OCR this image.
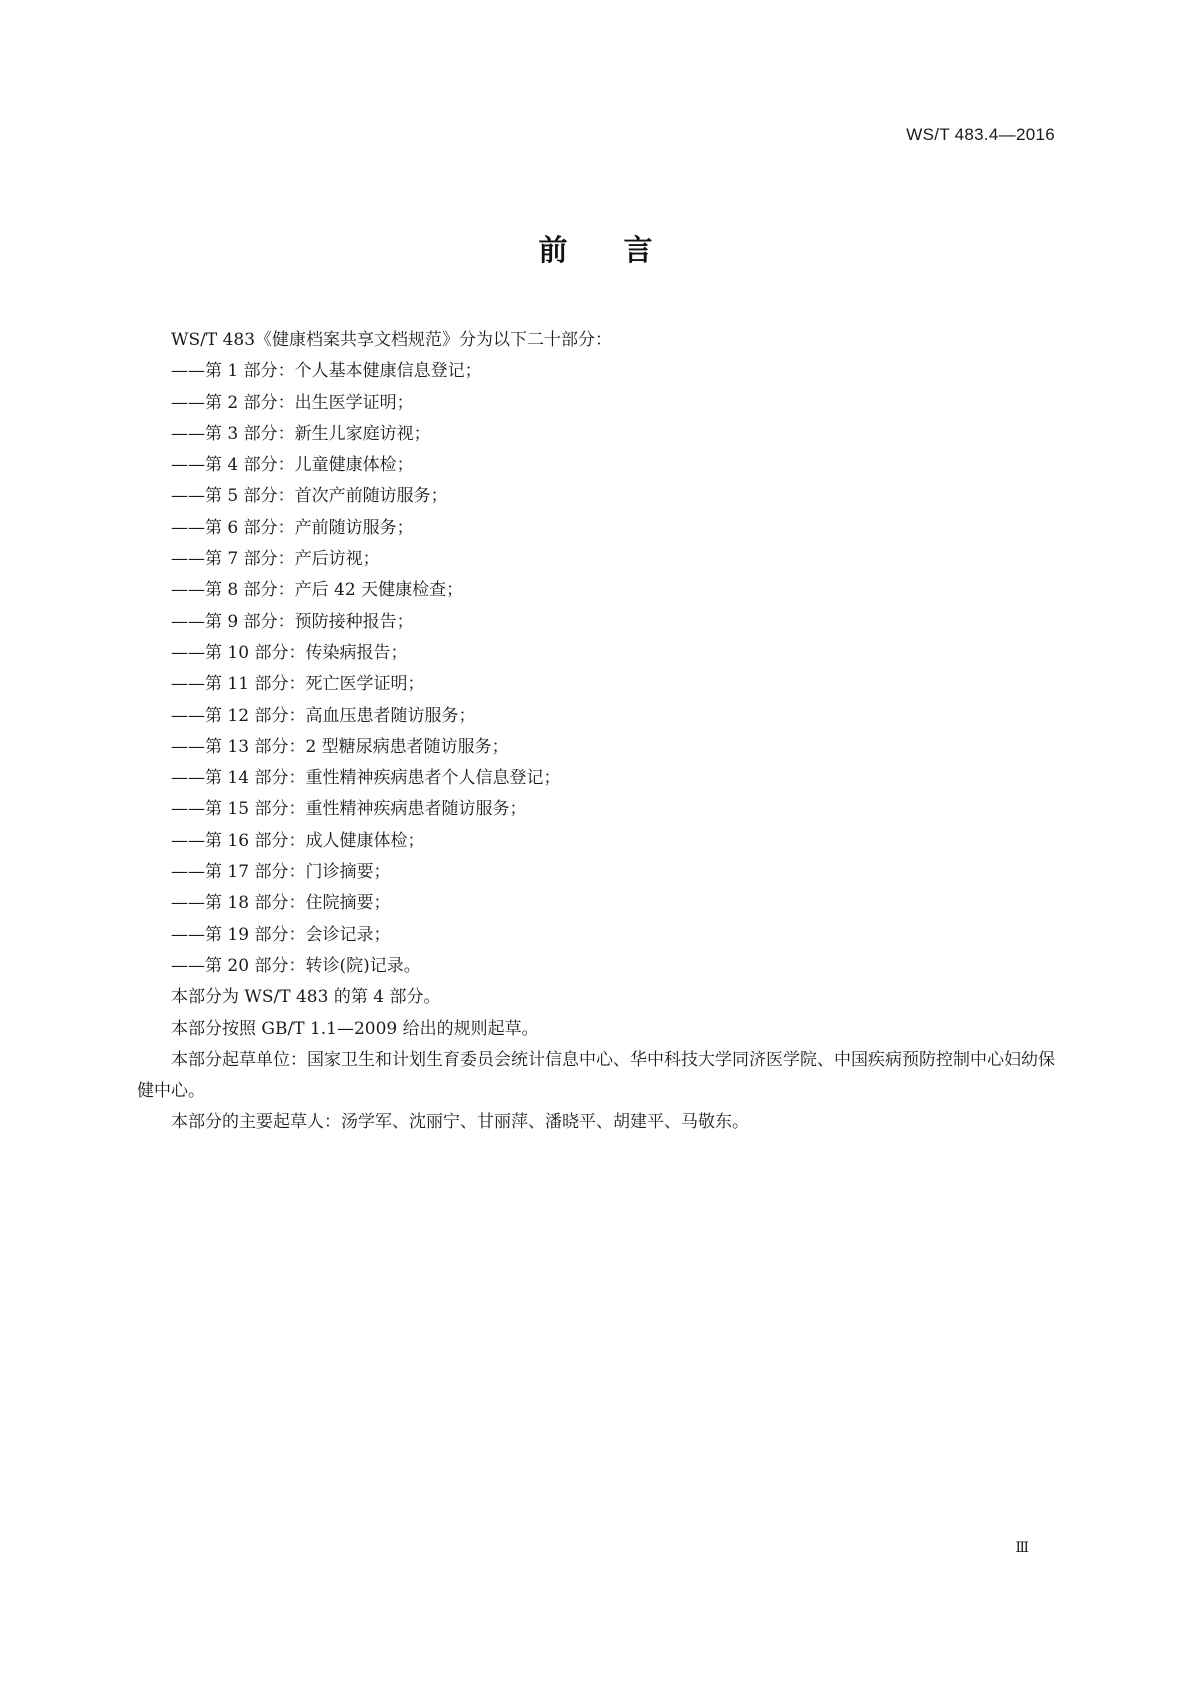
WS/T 483.4—2016
前言
WS/T 483《健康档案共享文档规范》分为以下二十部分：
——第 1 部分：个人基本健康信息登记；
——第 2 部分：出生医学证明；
——第 3 部分：新生儿家庭访视；
——第 4 部分：儿童健康体检；
——第 5 部分：首次产前随访服务；
——第 6 部分：产前随访服务；
——第 7 部分：产后访视；
——第 8 部分：产后 42 天健康检查；
——第 9 部分：预防接种报告；
——第 10 部分：传染病报告；
——第 11 部分：死亡医学证明；
——第 12 部分：高血压患者随访服务；
——第 13 部分：2 型糖尿病患者随访服务；
——第 14 部分：重性精神疾病患者个人信息登记；
——第 15 部分：重性精神疾病患者随访服务；
——第 16 部分：成人健康体检；
——第 17 部分：门诊摘要；
——第 18 部分：住院摘要；
——第 19 部分：会诊记录；
——第 20 部分：转诊(院)记录。
本部分为 WS/T 483 的第 4 部分。
本部分按照 GB/T 1.1—2009 给出的规则起草。
本部分起草单位：国家卫生和计划生育委员会统计信息中心、华中科技大学同济医学院、中国疾病预防控制中心妇幼保健中心。
本部分的主要起草人：汤学军、沈丽宁、甘丽萍、潘晓平、胡建平、马敬东。
Ⅲ
